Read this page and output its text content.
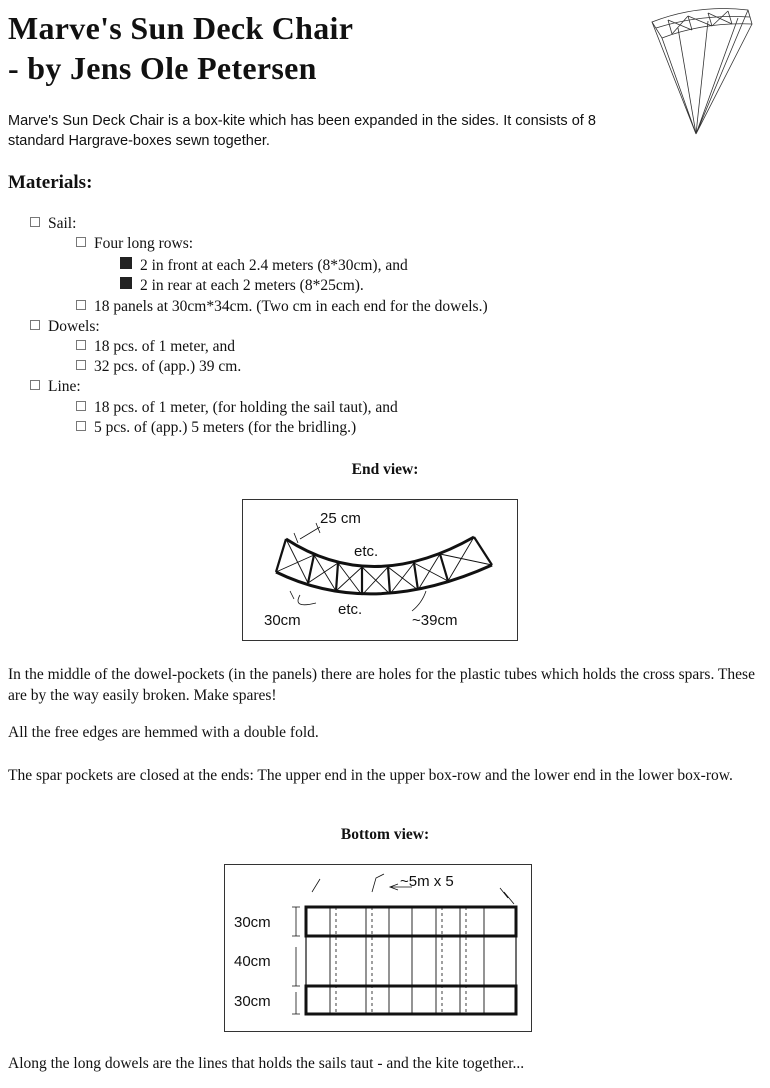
Marve's Sun Deck Chair
- by Jens Ole Petersen

Marve's Sun Deck Chair is a box-kite which has been expanded in the sides. It consists of 8 standard Hargrave-boxes sewn together.

Materials:
Sail:
Four long rows:
2 in front at each 2.4 meters (8*30cm), and
2 in rear at each 2 meters (8*25cm).
18 panels at 30cm*34cm. (Two cm in each end for the dowels.)
Dowels:
18 pcs. of 1 meter, and
32 pcs. of (app.) 39 cm.
Line:
18 pcs. of 1 meter, (for holding the sail taut), and
5 pcs. of (app.) 5 meters (for the bridling.)
End view:
25 cm
etc.
etc.
30cm	~39cm

In the middle of the dowel-pockets (in the panels) there are holes for the plastic tubes which holds the cross spars. These are by the way easily broken. Make spares!

All the free edges are hemmed with a double fold.

The spar pockets are closed at the ends: The upper end in the upper box-row and the lower end in the lower box-row.

Bottom view:
~5m x 5
30cm
40cm
30cm

Along the long dowels are the lines that holds the sails taut - and the kite together...
